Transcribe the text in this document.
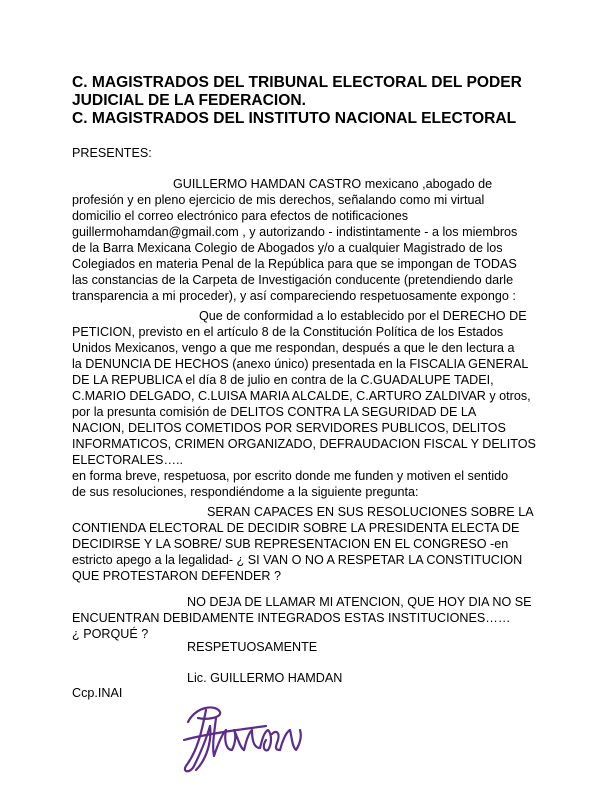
C. MAGISTRADOS DEL TRIBUNAL ELECTORAL DEL PODER
JUDICIAL DE LA FEDERACION.
C. MAGISTRADOS DEL INSTITUTO NACIONAL ELECTORAL
PRESENTES:
GUILLERMO HAMDAN CASTRO mexicano ,abogado de
profesión y en pleno ejercicio de mis derechos, señalando como mi virtual
domicilio el correo electrónico para efectos de notificaciones
guillermohamdan@gmail.com , y autorizando - indistintamente - a los miembros
de la Barra Mexicana Colegio de Abogados y/o a cualquier Magistrado de los
Colegiados en materia Penal de la República para que se impongan de TODAS
las constancias de la Carpeta de Investigación conducente (pretendiendo darle
transparencia a mi proceder), y así compareciendo respetuosamente expongo :
Que de conformidad a lo establecido por el DERECHO DE
PETICION, previsto en el artículo 8 de la Constitución Política de los Estados
Unidos Mexicanos, vengo a que me respondan, después a que le den lectura a
la DENUNCIA DE HECHOS (anexo único) presentada en la FISCALIA GENERAL
DE LA REPUBLICA el día 8 de julio en contra de la C.GUADALUPE TADEI,
C.MARIO DELGADO, C.LUISA MARIA ALCALDE, C.ARTURO ZALDIVAR y otros,
por la presunta comisión de DELITOS CONTRA LA SEGURIDAD DE LA
NACION, DELITOS COMETIDOS POR SERVIDORES PUBLICOS, DELITOS
INFORMATICOS, CRIMEN ORGANIZADO, DEFRAUDACION FISCAL Y DELITOS
ELECTORALES…..
en forma breve, respetuosa, por escrito donde me funden y motiven el sentido
de sus resoluciones, respondiéndome a la siguiente pregunta:
SERAN CAPACES EN SUS RESOLUCIONES SOBRE LA
CONTIENDA ELECTORAL DE DECIDIR SOBRE LA PRESIDENTA ELECTA DE
DECIDIRSE Y LA SOBRE/ SUB REPRESENTACION EN EL CONGRESO -en
estricto apego a la legalidad- ¿ SI VAN O NO A RESPETAR LA CONSTITUCION
QUE PROTESTARON DEFENDER ?
NO DEJA DE LLAMAR MI ATENCION, QUE HOY DIA NO SE
ENCUENTRAN DEBIDAMENTE INTEGRADOS ESTAS INSTITUCIONES……
¿ PORQUÉ ?
RESPETUOSAMENTE
Lic. GUILLERMO HAMDAN
Ccp.INAI
